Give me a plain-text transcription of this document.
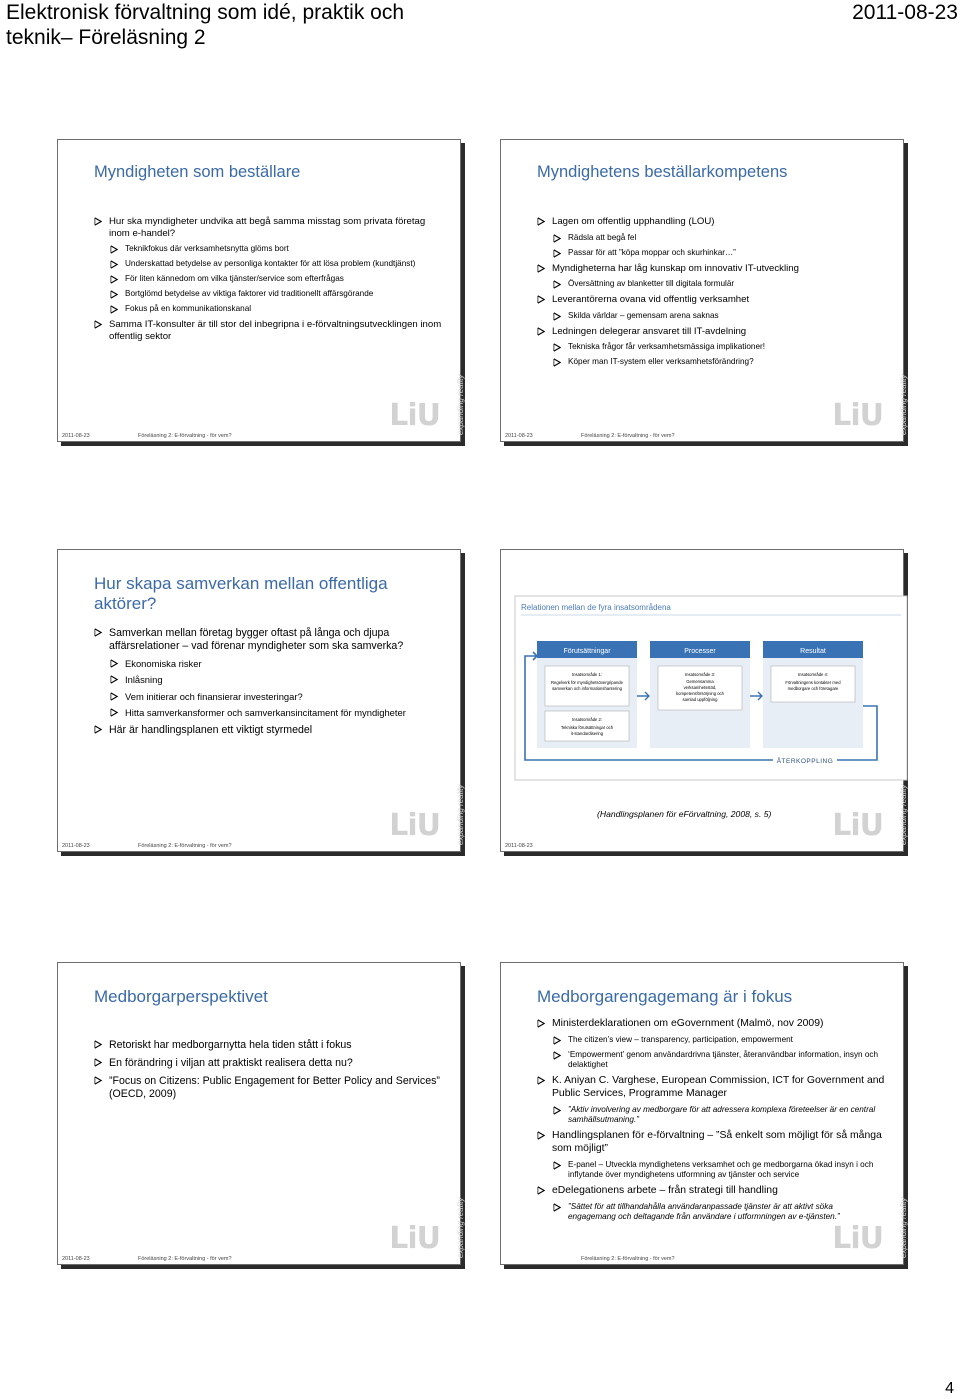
Elektronisk förvaltning som idé, praktik och
teknik– Föreläsning 2
2011-08-23
Myndigheten som beställare
Hur ska myndigheter undvika att begå samma misstag som privata företag inom e-handel?
Teknikfokus där verksamhetsnytta glöms bort
Underskattad betydelse av personliga kontakter för att lösa problem (kundtjänst)
För liten kännedom om vilka tjänster/service som efterfrågas
Bortglömd betydelse av viktiga faktorer vid traditionellt affärsgörande
Fokus på en kommunikationskanal
Samma IT-konsulter är till stor del inbegripna i e-förvaltningsutvecklingen inom offentlig sektor
2011-08-23	Föreläsning 2: E-förvaltning - för vem?
LiU expanding reality
Myndighetens beställarkompetens
Lagen om offentlig upphandling (LOU)
Rädsla att begå fel
Passar för att ”köpa moppar och skurhinkar…”
Myndigheterna har låg kunskap om innovativ IT-utveckling
Översättning av blanketter till digitala formulär
Leverantörerna ovana vid offentlig verksamhet
Skilda världar – gemensam arena saknas
Ledningen delegerar ansvaret till IT-avdelning
Tekniska frågor får verksamhetsmässiga implikationer!
Köper man IT-system eller verksamhetsförändring?
2011-08-23	Föreläsning 2: E-förvaltning - för vem?
LiU expanding reality
Hur skapa samverkan mellan offentliga aktörer?
Samverkan mellan företag bygger oftast på långa och djupa affärsrelationer – vad förenar myndigheter som ska samverka?
Ekonomiska risker
Inlåsning
Vem initierar och finansierar investeringar?
Hitta samverkansformer och samverkansincitament för myndigheter
Här är handlingsplanen ett viktigt styrmedel
2011-08-23	Föreläsning 2: E-förvaltning - för vem?
LiU expanding reality
Relationen mellan de fyra insatsområdena
Förutsättningar	Processer	Resultat
Insatsområde 1:
Regelverk för myndighetsövergripande
samverkan och informationshantering
Insatsområde 2:
Tekniska förutsättningar och
it-standardisering
Insatsområde 3:
Gemensamma
verksamhetsstöd,
kompetensförsörjning och
samlad uppföljning
Insatsområde 4:
Förvaltningens kontakter med
medborgare och företagare
ÅTERKOPPLING
(Handlingsplanen för eFörvaltning, 2008, s. 5)
2011-08-23
LiU expanding reality
Medborgarperspektivet
Retoriskt har medborgarnytta hela tiden stått i fokus
En förändring i viljan att praktiskt realisera detta nu?
”Focus on Citizens: Public Engagement for Better Policy and Services” (OECD, 2009)
2011-08-23	Föreläsning 2: E-förvaltning - för vem?
LiU expanding reality
Medborgarengagemang är i fokus
Ministerdeklarationen om eGovernment (Malmö, nov 2009)
The citizen’s view – transparency, participation, empowerment
‘Empowerment’ genom användardrivna tjänster, återanvändbar information, insyn och delaktighet
K. Aniyan C. Varghese, European Commission, ICT for Government and Public Services, Programme Manager
”Aktiv involvering av medborgare för att adressera komplexa företeelser är en central samhällsutmaning.”
Handlingsplanen för e-förvaltning – ”Så enkelt som möjligt för så många som möjligt”
E-panel – Utveckla myndighetens verksamhet och ge medborgarna ökad insyn i och inflytande över myndighetens utformning av tjänster och service
eDelegationens arbete – från strategi till handling
”Sättet för att tillhandahålla användaranpassade tjänster är att aktivt söka engagemang och deltagande från användare i utformningen av e-tjänsten.”
Föreläsning 2: E-förvaltning - för vem?
LiU expanding reality
4
